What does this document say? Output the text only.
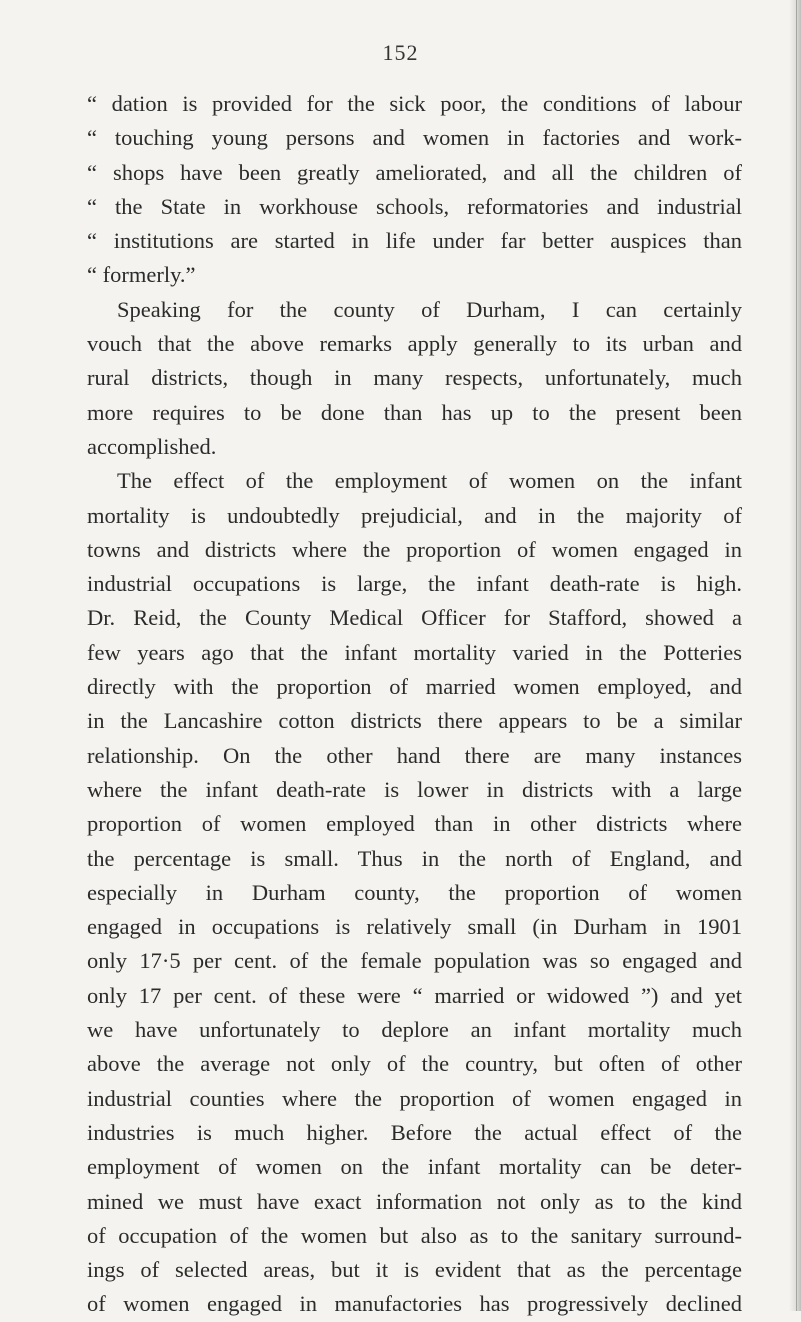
152
“ dation is provided for the sick poor, the conditions of labour
“ touching young persons and women in factories and work-
“ shops have been greatly ameliorated, and all the children of
“ the State in workhouse schools, reformatories and industrial
“ institutions are started in life under far better auspices than
“ formerly.”
Speaking for the county of Durham, I can certainly
vouch that the above remarks apply generally to its urban and
rural districts, though in many respects, unfortunately, much
more requires to be done than has up to the present been
accomplished.
The effect of the employment of women on the infant
mortality is undoubtedly prejudicial, and in the majority of
towns and districts where the proportion of women engaged in
industrial occupations is large, the infant death-rate is high.
Dr. Reid, the County Medical Officer for Stafford, showed a
few years ago that the infant mortality varied in the Potteries
directly with the proportion of married women employed, and
in the Lancashire cotton districts there appears to be a similar
relationship. On the other hand there are many instances
where the infant death-rate is lower in districts with a large
proportion of women employed than in other districts where
the percentage is small. Thus in the north of England, and
especially in Durham county, the proportion of women
engaged in occupations is relatively small (in Durham in 1901
only 17·5 per cent. of the female population was so engaged and
only 17 per cent. of these were “ married or widowed ”) and yet
we have unfortunately to deplore an infant mortality much
above the average not only of the country, but often of other
industrial counties where the proportion of women engaged in
industries is much higher. Before the actual effect of the
employment of women on the infant mortality can be deter-
mined we must have exact information not only as to the kind
of occupation of the women but also as to the sanitary surround-
ings of selected areas, but it is evident that as the percentage
of women engaged in manufactories has progressively declined
